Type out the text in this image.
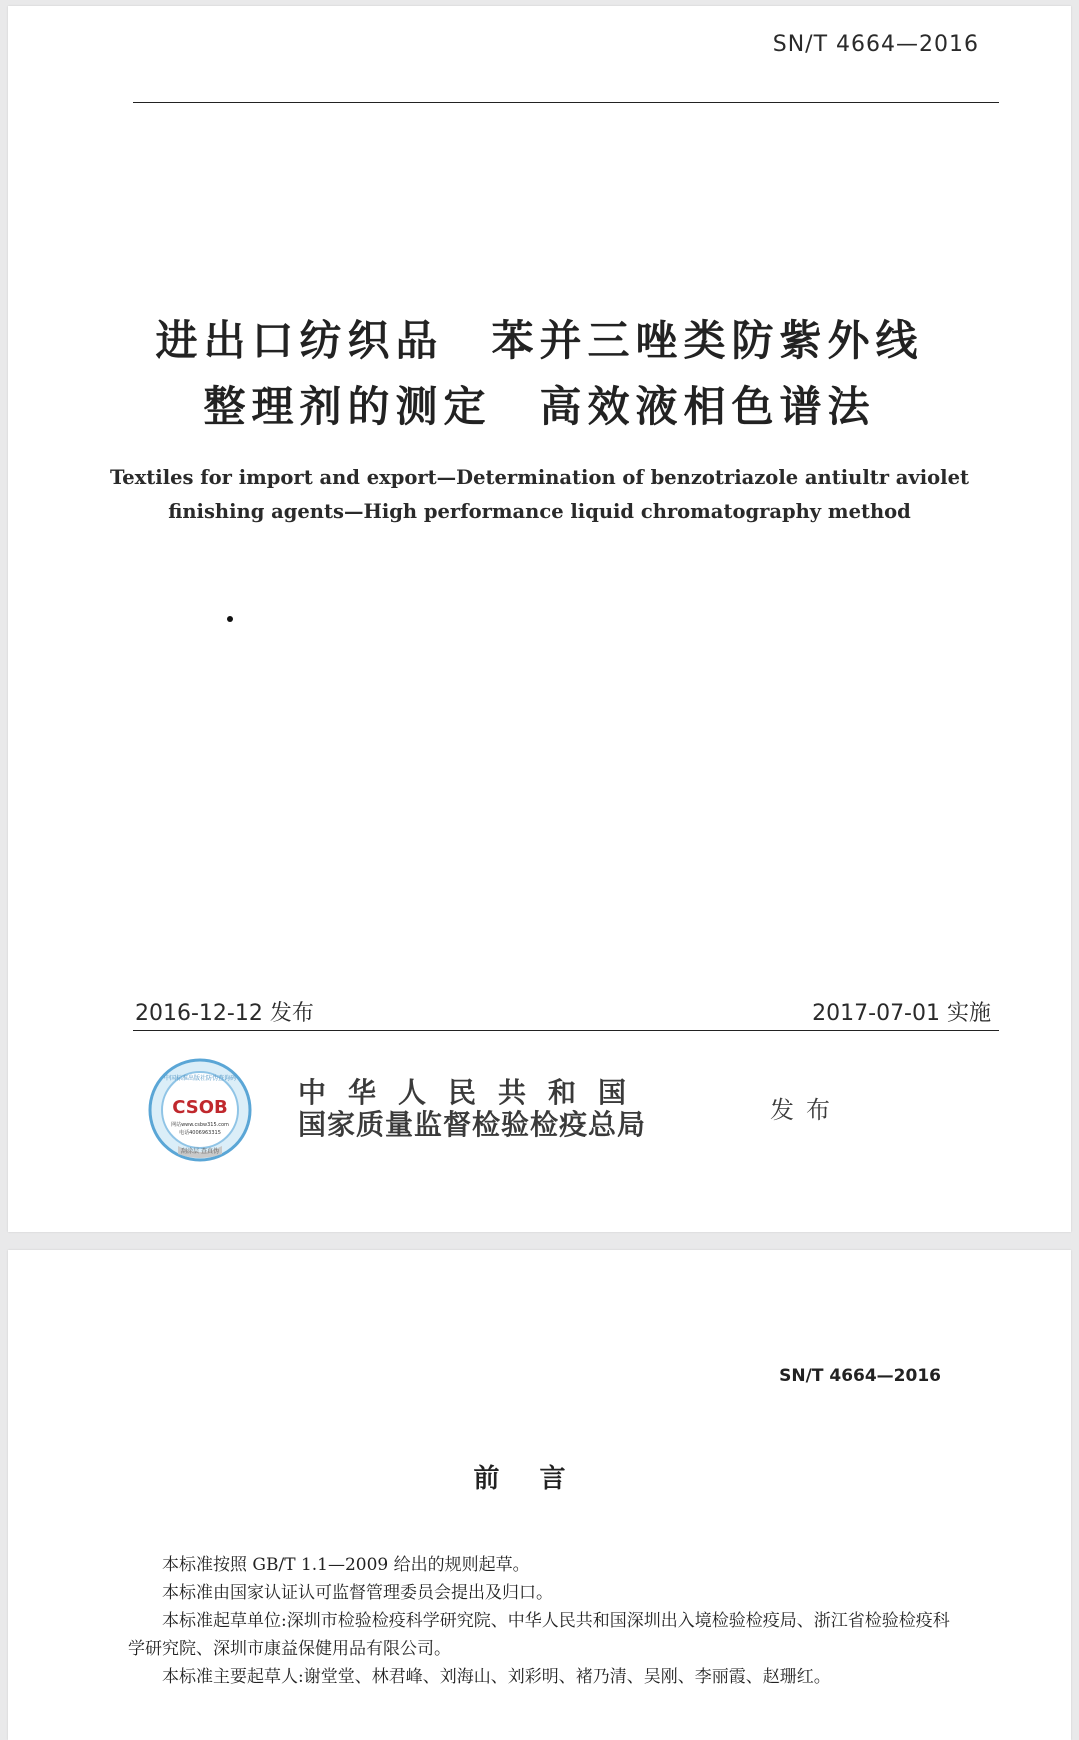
SN/T 4664—2016
进出口纺织品　苯并三唑类防紫外线
整理剂的测定　高效液相色谱法
Textiles for import and export—Determination of benzotriazole antiultr aviolet
finishing agents—High performance liquid chromatography method
2016-12-12 发布	2017-07-01 实施
中国标准出版社防伪查询码
CSOB
网站www.csbw315.com
电话4006963315
刮涂层 查真伪
中华人民共和国
国家质量监督检验检疫总局	发布
SN/T 4664—2016
前言

本标准按照 GB/T 1.1—2009 给出的规则起草。

本标准由国家认证认可监督管理委员会提出及归口。

本标准起草单位:深圳市检验检疫科学研究院、中华人民共和国深圳出入境检验检疫局、浙江省检验检疫科学研究院、深圳市康益保健用品有限公司。

本标准主要起草人:谢堂堂、林君峰、刘海山、刘彩明、褚乃清、吴刚、李丽霞、赵珊红。
